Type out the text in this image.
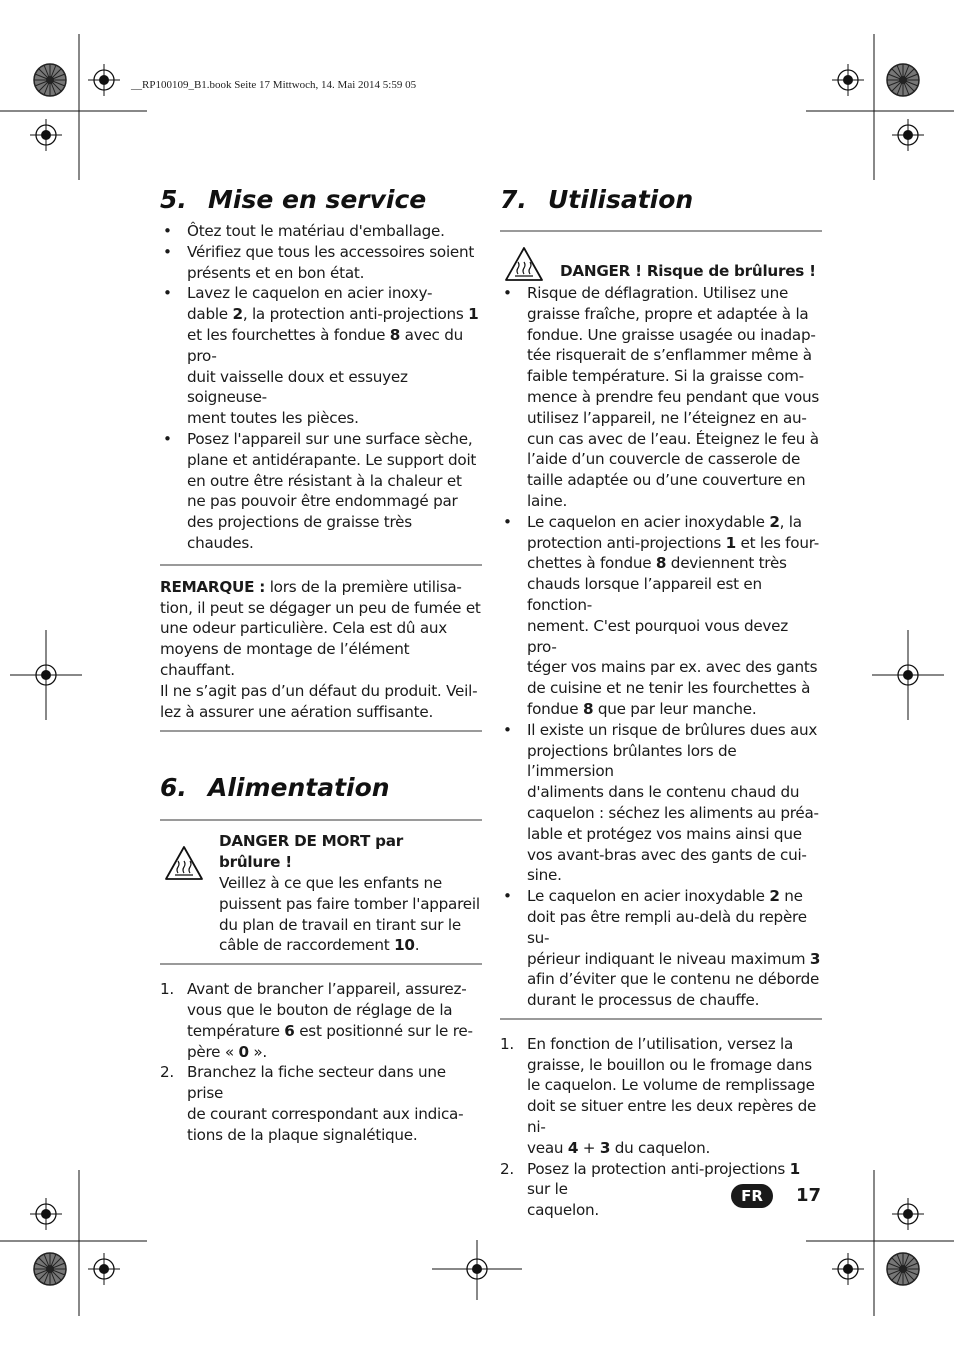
__RP100109_B1.book Seite 17 Mittwoch, 14. Mai 2014 5:59 05
5. Mise en service
• Ôtez tout le matériau d'emballage.
• Vérifiez que tous les accessoires soient présents et en bon état.
• Lavez le caquelon en acier inoxy-
dable 2, la protection anti-projections 1
et les fourchettes à fondue 8 avec du pro-
duit vaisselle doux et essuyez soigneuse-
ment toutes les pièces.
• Posez l'appareil sur une surface sèche, plane et antidérapante. Le support doit en outre être résistant à la chaleur et ne pas pouvoir être endommagé par des projections de graisse très chaudes.
REMARQUE : lors de la première utilisa-
tion, il peut se dégager un peu de fumée et
une odeur particulière. Cela est dû aux
moyens de montage de l’élément chauffant.
Il ne s’agit pas d’un défaut du produit. Veil-
lez à assurer une aération suffisante.
6. Alimentation
DANGER DE MORT par
brûlure !
Veillez à ce que les enfants ne
puissent pas faire tomber l'appareil
du plan de travail en tirant sur le
câble de raccordement 10.
1. Avant de brancher l’appareil, assurez-
vous que le bouton de réglage de la
température 6 est positionné sur le re-
père « 0 ».
2. Branchez la fiche secteur dans une prise
de courant correspondant aux indica-
tions de la plaque signalétique.
7. Utilisation
DANGER ! Risque de brûlures !
• Risque de déflagration. Utilisez une
graisse fraîche, propre et adaptée à la
fondue. Une graisse usagée ou inadap-
tée risquerait de s’enflammer même à
faible température. Si la graisse com-
mence à prendre feu pendant que vous
utilisez l’appareil, ne l’éteignez en au-
cun cas avec de l’eau. Éteignez le feu à
l’aide d’un couvercle de casserole de
taille adaptée ou d’une couverture en
laine.
• Le caquelon en acier inoxydable 2, la
protection anti-projections 1 et les four-
chettes à fondue 8 deviennent très
chauds lorsque l’appareil est en fonction-
nement. C'est pourquoi vous devez pro-
téger vos mains par ex. avec des gants
de cuisine et ne tenir les fourchettes à
fondue 8 que par leur manche.
• Il existe un risque de brûlures dues aux
projections brûlantes lors de l’immersion
d'aliments dans le contenu chaud du
caquelon : séchez les aliments au préa-
lable et protégez vos mains ainsi que
vos avant-bras avec des gants de cui-
sine.
• Le caquelon en acier inoxydable 2 ne
doit pas être rempli au-delà du repère su-
périeur indiquant le niveau maximum 3
afin d’éviter que le contenu ne déborde
durant le processus de chauffe.
1. En fonction de l’utilisation, versez la
graisse, le bouillon ou le fromage dans
le caquelon. Le volume de remplissage
doit se situer entre les deux repères de ni-
veau 4 + 3 du caquelon.
2. Posez la protection anti-projections 1 sur le
caquelon.
FR	17
